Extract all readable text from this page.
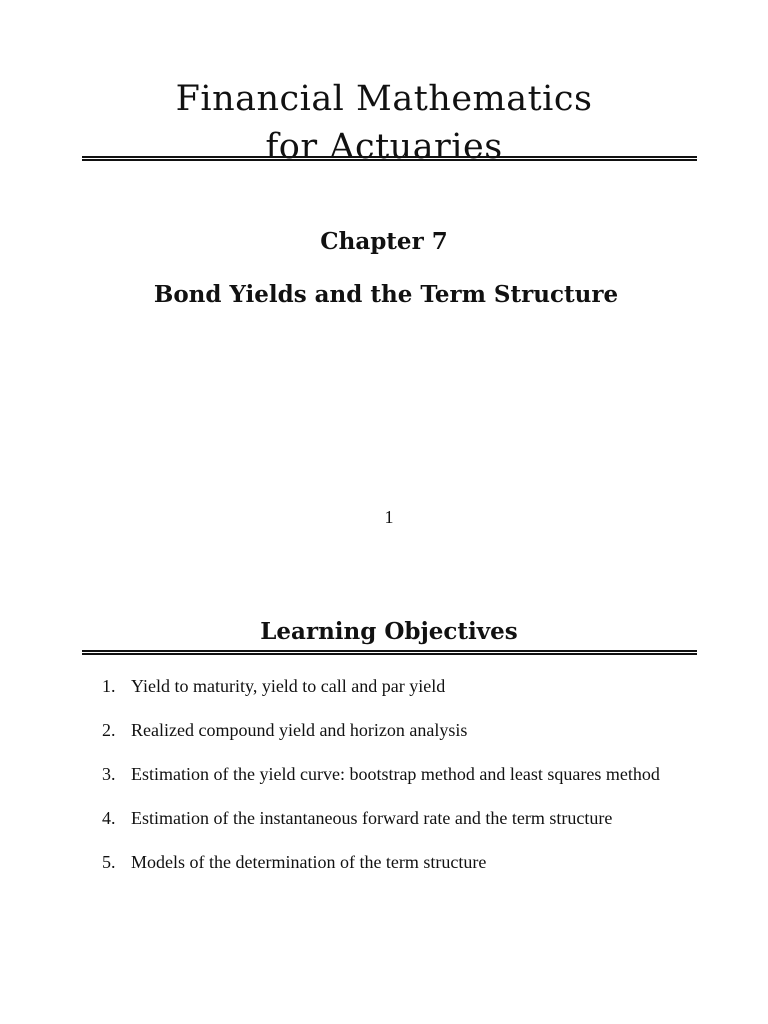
Financial Mathematics
for Actuaries
Chapter 7
Bond Yields and the Term Structure
1
Learning Objectives
1. Yield to maturity, yield to call and par yield
2. Realized compound yield and horizon analysis
3. Estimation of the yield curve: bootstrap method and least squares method
4. Estimation of the instantaneous forward rate and the term structure
5. Models of the determination of the term structure
